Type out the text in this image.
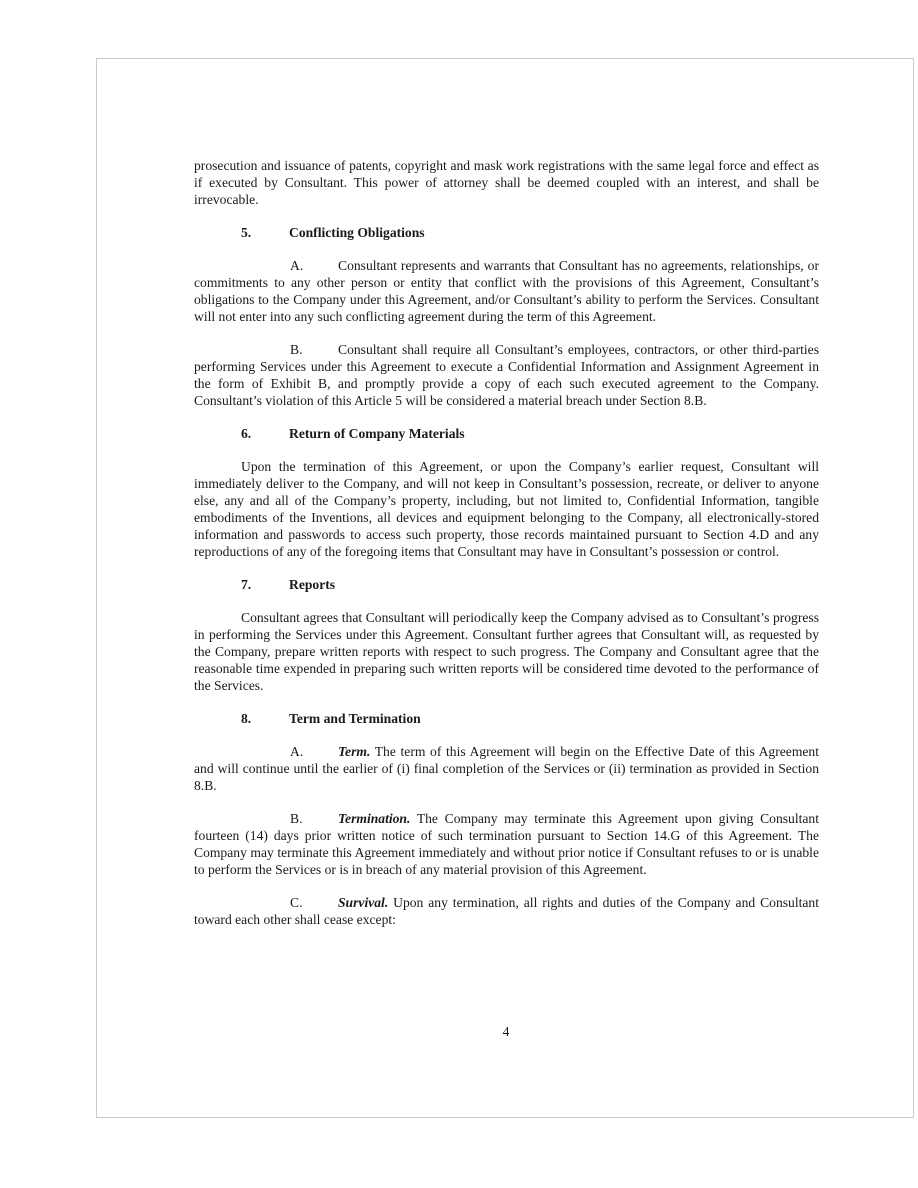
prosecution and issuance of patents, copyright and mask work registrations with the same legal force and effect as if executed by Consultant. This power of attorney shall be deemed coupled with an interest, and shall be irrevocable.

5.	Conflicting Obligations

A.	Consultant represents and warrants that Consultant has no agreements, relationships, or commitments to any other person or entity that conflict with the provisions of this Agreement, Consultant’s obligations to the Company under this Agreement, and/or Consultant’s ability to perform the Services. Consultant will not enter into any such conflicting agreement during the term of this Agreement.

B.	Consultant shall require all Consultant’s employees, contractors, or other third-parties performing Services under this Agreement to execute a Confidential Information and Assignment Agreement in the form of Exhibit B, and promptly provide a copy of each such executed agreement to the Company. Consultant’s violation of this Article 5 will be considered a material breach under Section 8.B.

6.	Return of Company Materials

Upon the termination of this Agreement, or upon the Company’s earlier request, Consultant will immediately deliver to the Company, and will not keep in Consultant’s possession, recreate, or deliver to anyone else, any and all of the Company’s property, including, but not limited to, Confidential Information, tangible embodiments of the Inventions, all devices and equipment belonging to the Company, all electronically-stored information and passwords to access such property, those records maintained pursuant to Section 4.D and any reproductions of any of the foregoing items that Consultant may have in Consultant’s possession or control.

7.	Reports

Consultant agrees that Consultant will periodically keep the Company advised as to Consultant’s progress in performing the Services under this Agreement. Consultant further agrees that Consultant will, as requested by the Company, prepare written reports with respect to such progress. The Company and Consultant agree that the reasonable time expended in preparing such written reports will be considered time devoted to the performance of the Services.

8.	Term and Termination

A.	Term. The term of this Agreement will begin on the Effective Date of this Agreement and will continue until the earlier of (i) final completion of the Services or (ii) termination as provided in Section 8.B.

B.	Termination. The Company may terminate this Agreement upon giving Consultant fourteen (14) days prior written notice of such termination pursuant to Section 14.G of this Agreement. The Company may terminate this Agreement immediately and without prior notice if Consultant refuses to or is unable to perform the Services or is in breach of any material provision of this Agreement.

C.	Survival. Upon any termination, all rights and duties of the Company and Consultant toward each other shall cease except:

4
